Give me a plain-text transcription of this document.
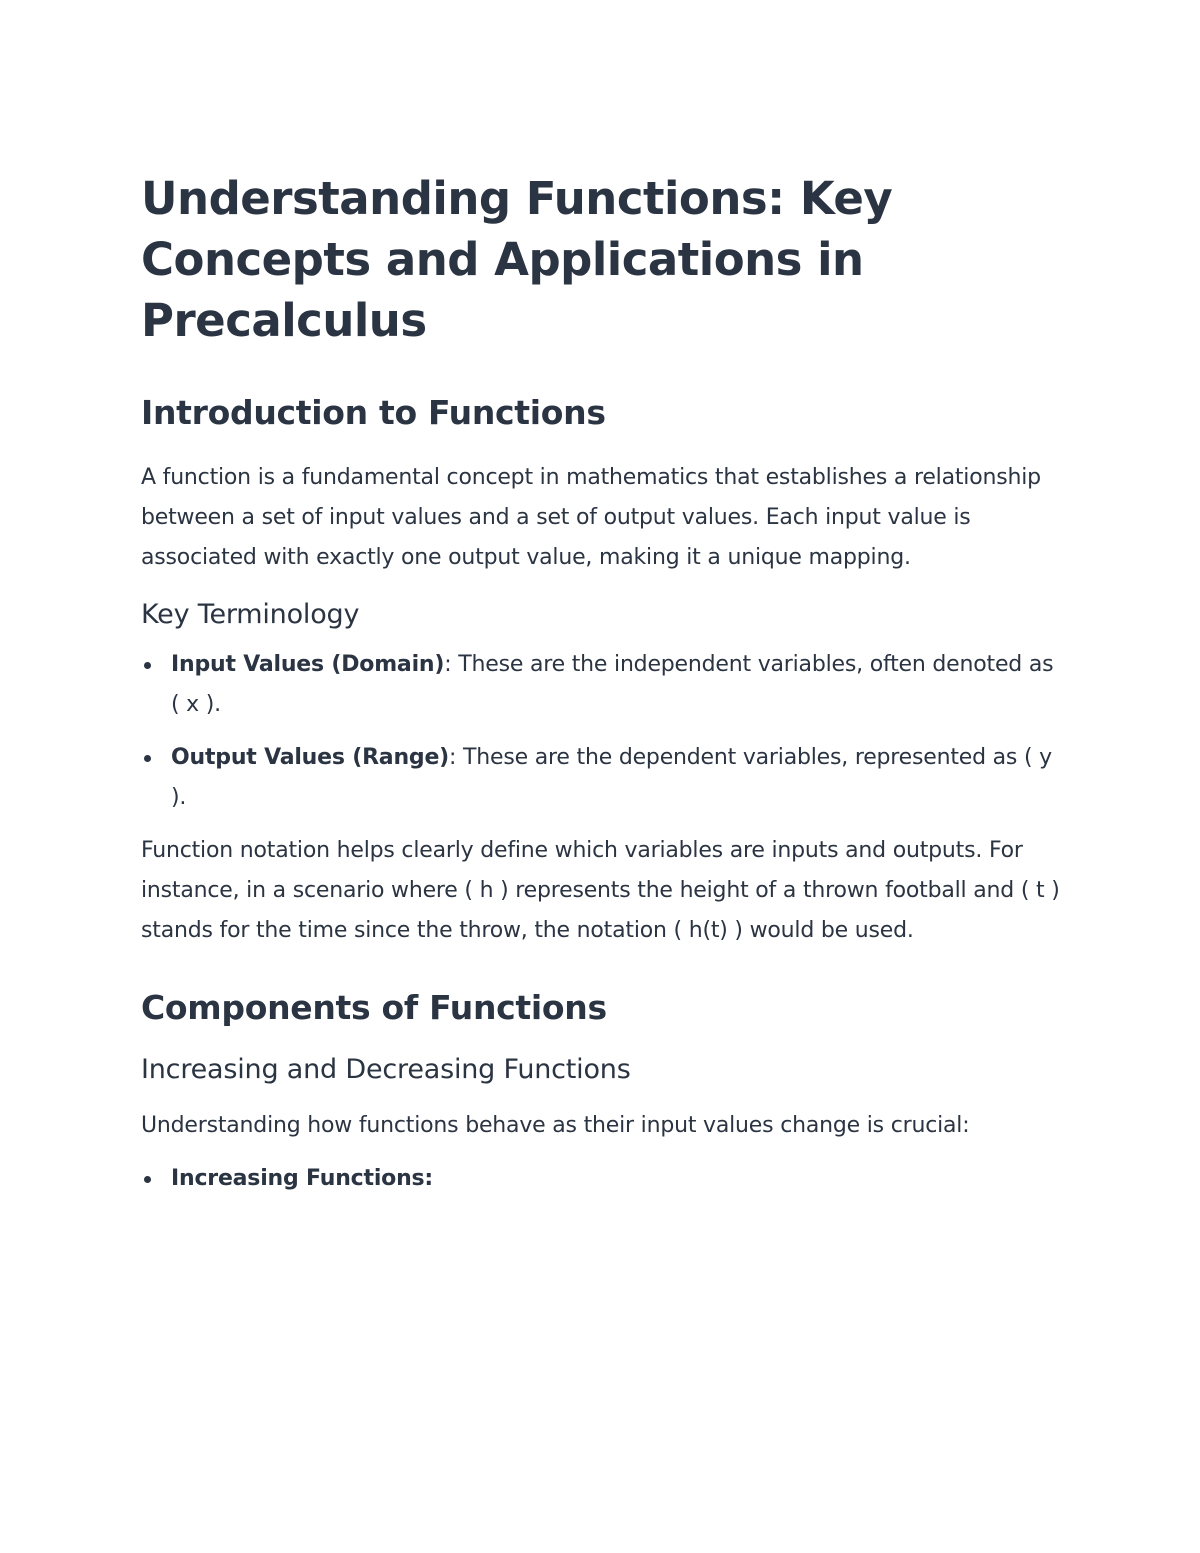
Understanding Functions: Key Concepts and Applications in Precalculus
Introduction to Functions

A function is a fundamental concept in mathematics that establishes a relationship between a set of input values and a set of output values. Each input value is associated with exactly one output value, making it a unique mapping.

Key Terminology
Input Values (Domain): These are the independent variables, often denoted as ( x ).
Output Values (Range): These are the dependent variables, represented as ( y ).

Function notation helps clearly define which variables are inputs and outputs. For instance, in a scenario where ( h ) represents the height of a thrown football and ( t ) stands for the time since the throw, the notation ( h(t) ) would be used.

Components of Functions
Increasing and Decreasing Functions

Understanding how functions behave as their input values change is crucial:

Increasing Functions:
